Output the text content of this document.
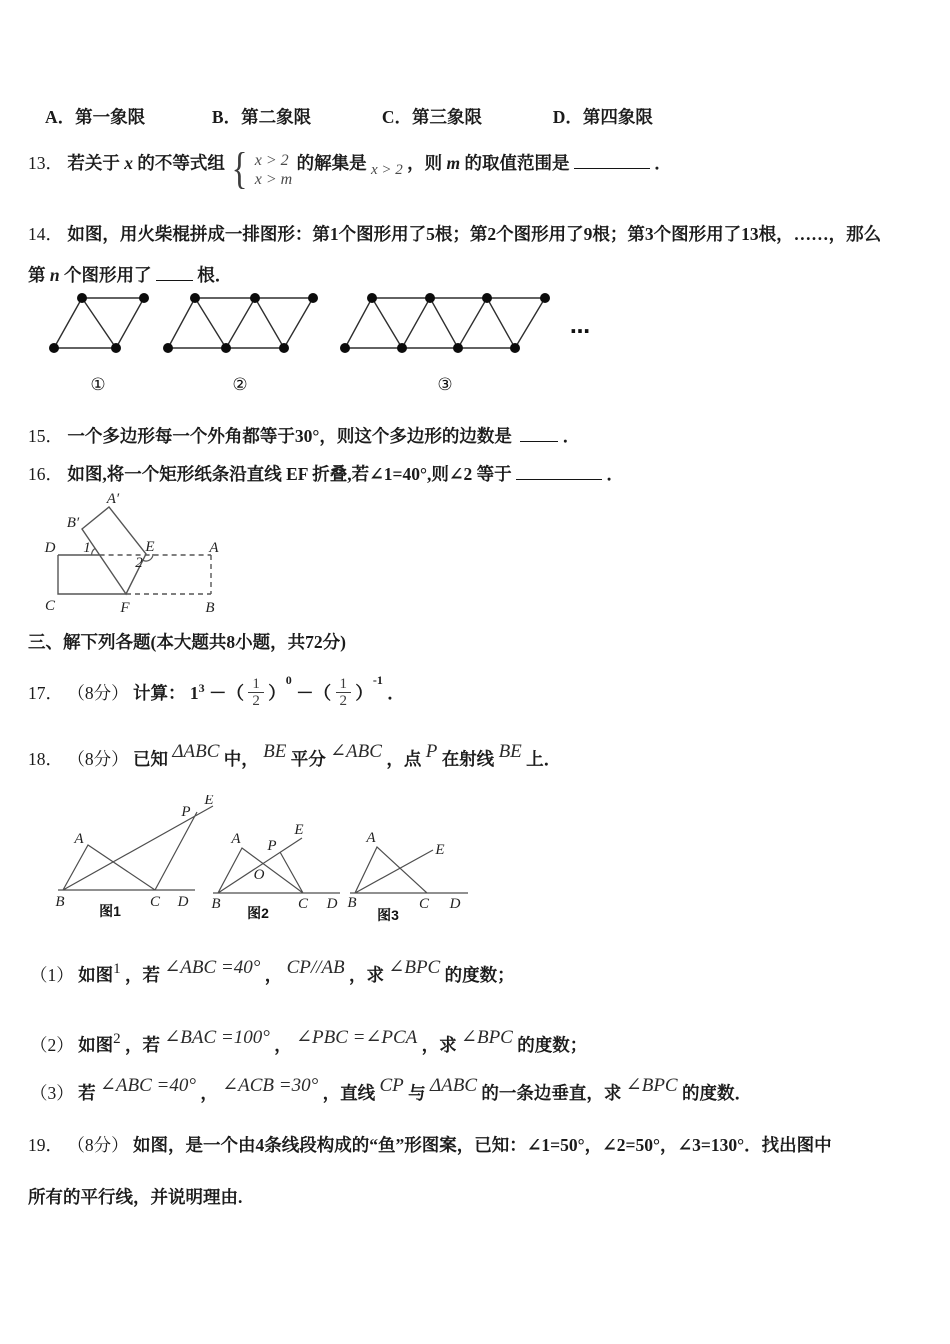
A．第一象限	B．第二象限	C．第三象限	D．第四象限
13． 若关于 x 的不等式组 { x > 2
x > m
的解集是 x > 2 ，则 m 的取值范围是	．
14． 如图，用火柴棍拼成一排图形：第1个图形用了5根；第2个图形用了9根；第3个图形用了13根，……，那么
第 n 个图形用了	根．
①	②	③
…
15． 一个多边形每一个外角都等于30°，则这个多边形的边数是	．
16． 如图,将一个矩形纸条沿直线 EF 折叠,若∠1=40°,则∠2 等于	．
A′
B′
D 1	E	A
2
C	F	B
三、解下列各题(本大题共8小题，共72分)
17． （8分） 计算： $1^3$ －（ $\frac{1}{2} )^0$ －（ $\frac{1}{2} )^{-1}$ ．
18． （8分） 已知 ΔABC 中， BE 平分 ∠ABC ，点 P 在射线 BE 上．
A
B	C D
P
E
图1
A
B	C D
O
P
E
图2
A
B	C D
E
图3
（1） 如图1 ，若 ∠ABC =40° ， CP//AB ，求 ∠BPC 的度数；
（2） 如图2 ，若 ∠BAC =100° ， ∠PBC =∠PCA ，求 ∠BPC 的度数；
（3） 若 ∠ABC =40° ， ∠ACB =30° ，直线 CP 与 ΔABC 的一条边垂直，求 ∠BPC 的度数．
19． （8分） 如图，是一个由4条线段构成的“鱼”形图案，已知：∠1=50°，∠2=50°，∠3=130°．找出图中
所有的平行线，并说明理由.
